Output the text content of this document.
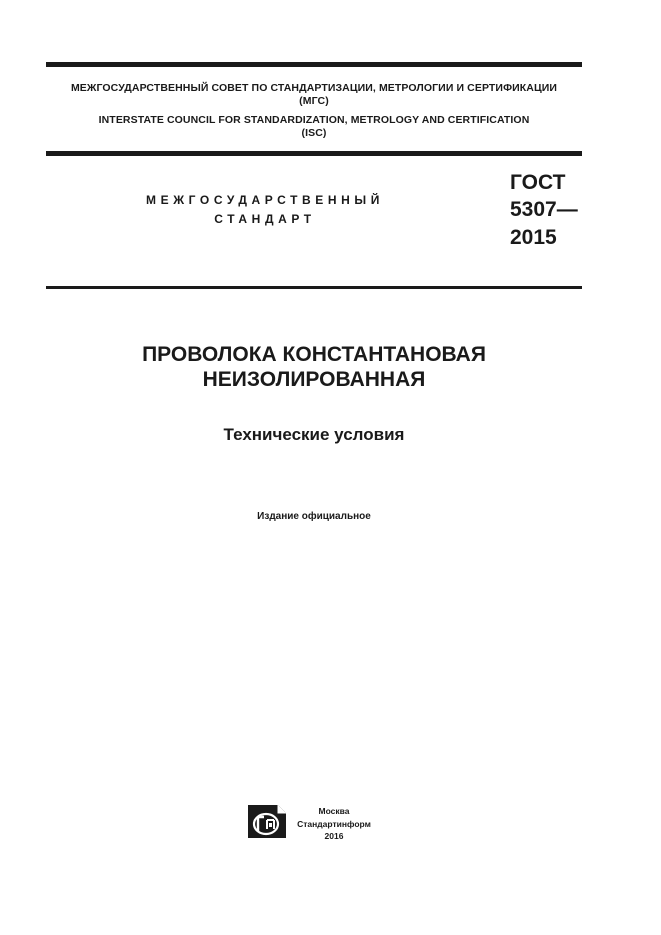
МЕЖГОСУДАРСТВЕННЫЙ СОВЕТ ПО СТАНДАРТИЗАЦИИ, МЕТРОЛОГИИ И СЕРТИФИКАЦИИ
(МГС)
INTERSTATE COUNCIL FOR STANDARDIZATION, METROLOGY AND CERTIFICATION
(ISC)
МЕЖГОСУДАРСТВЕННЫЙ
СТАНДАРТ
ГОСТ
5307—
2015
ПРОВОЛОКА КОНСТАНТАНОВАЯ
НЕИЗОЛИРОВАННАЯ
Технические условия
Издание официальное
Москва
Стандартинформ
2016
